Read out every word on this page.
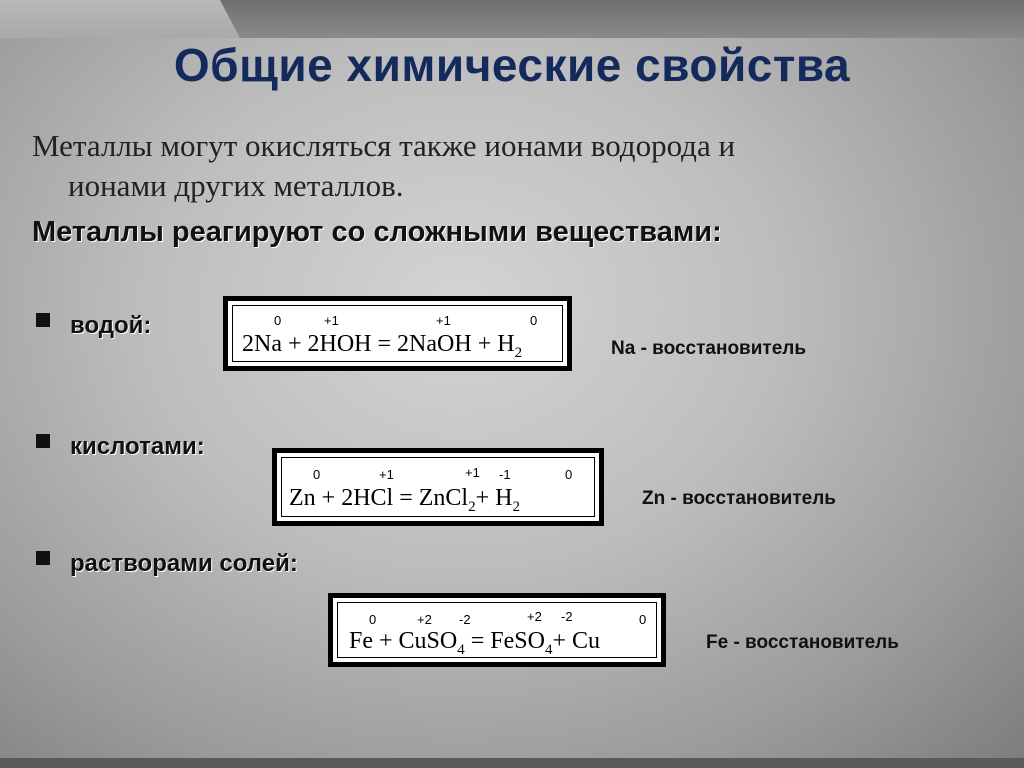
Общие химические свойства
Металлы могут окисляться также ионами водорода и
ионами других металлов.
Металлы реагируют со сложными веществами:
водой:	0	+1	+1	0
2Na + 2HOH = 2NaOH + $H_2$	Na - восстановитель
кислотами:
0	+1	+1 -1	0
Zn + 2HCl = ZnCl$_2$+ $H_2$	Zn - восстановитель
растворами солей:
0	+2 -2	+2 -2	0
Fe + CuSO$_4$ = FeSO$_4$+ Cu	Fe - восстановитель
